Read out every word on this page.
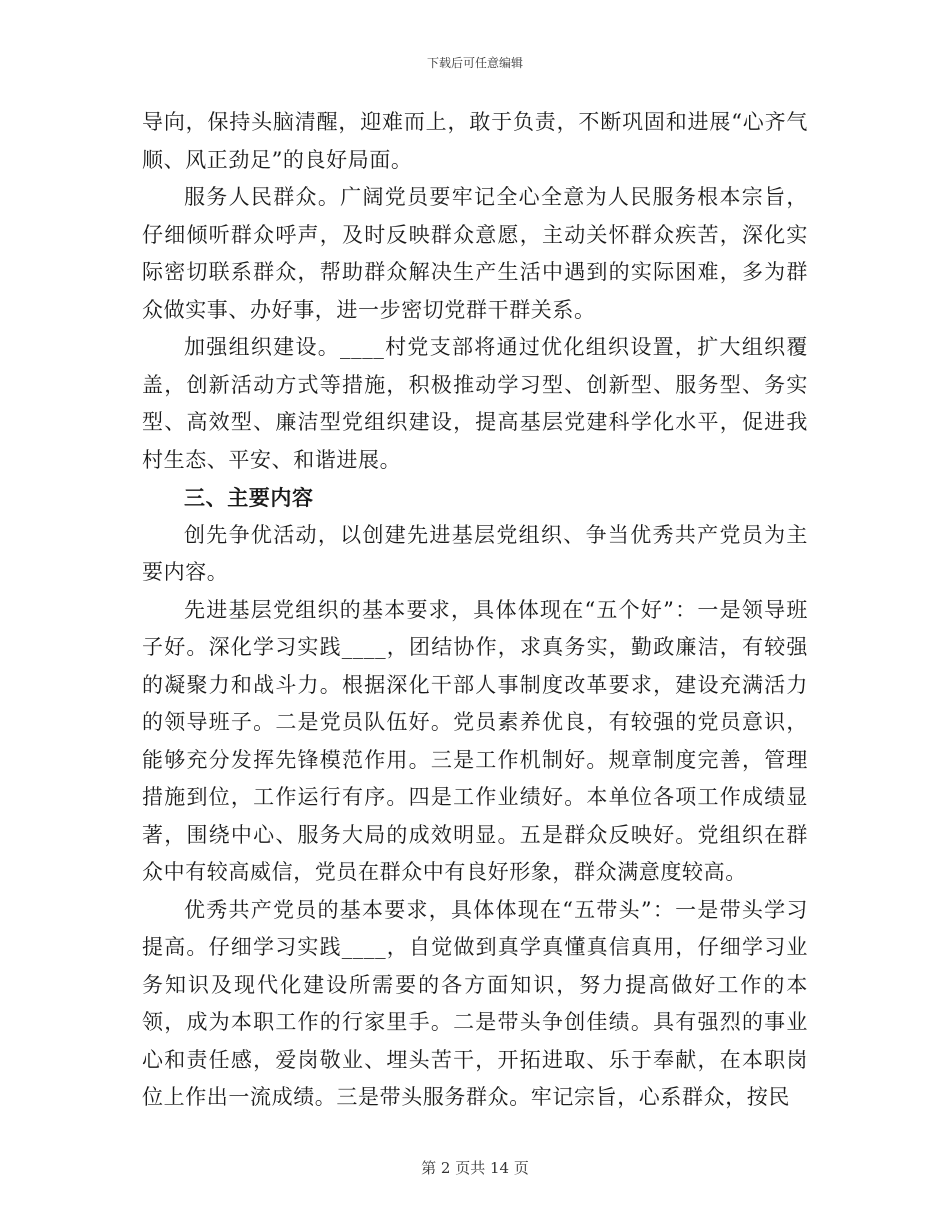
下载后可任意编辑

导向，保持头脑清醒，迎难而上，敢于负责，不断巩固和进展“心齐气顺、风正劲足”的良好局面。

服务人民群众。广阔党员要牢记全心全意为人民服务根本宗旨，仔细倾听群众呼声，及时反映群众意愿，主动关怀群众疾苦，深化实际密切联系群众，帮助群众解决生产生活中遇到的实际困难，多为群众做实事、办好事，进一步密切党群干群关系。

加强组织建设。____村党支部将通过优化组织设置，扩大组织覆盖，创新活动方式等措施，积极推动学习型、创新型、服务型、务实型、高效型、廉洁型党组织建设，提高基层党建科学化水平，促进我村生态、平安、和谐进展。

三、主要内容

创先争优活动，以创建先进基层党组织、争当优秀共产党员为主要内容。

先进基层党组织的基本要求，具体体现在“五个好”：一是领导班子好。深化学习实践____，团结协作，求真务实，勤政廉洁，有较强的凝聚力和战斗力。根据深化干部人事制度改革要求，建设充满活力的领导班子。二是党员队伍好。党员素养优良，有较强的党员意识，能够充分发挥先锋模范作用。三是工作机制好。规章制度完善，管理措施到位，工作运行有序。四是工作业绩好。本单位各项工作成绩显著，围绕中心、服务大局的成效明显。五是群众反映好。党组织在群众中有较高威信，党员在群众中有良好形象，群众满意度较高。

优秀共产党员的基本要求，具体体现在“五带头”：一是带头学习提高。仔细学习实践____，自觉做到真学真懂真信真用，仔细学习业务知识及现代化建设所需要的各方面知识，努力提高做好工作的本领，成为本职工作的行家里手。二是带头争创佳绩。具有强烈的事业心和责任感，爱岗敬业、埋头苦干，开拓进取、乐于奉献，在本职岗位上作出一流成绩。三是带头服务群众。牢记宗旨，心系群众，按民

第 2 页共 14 页
